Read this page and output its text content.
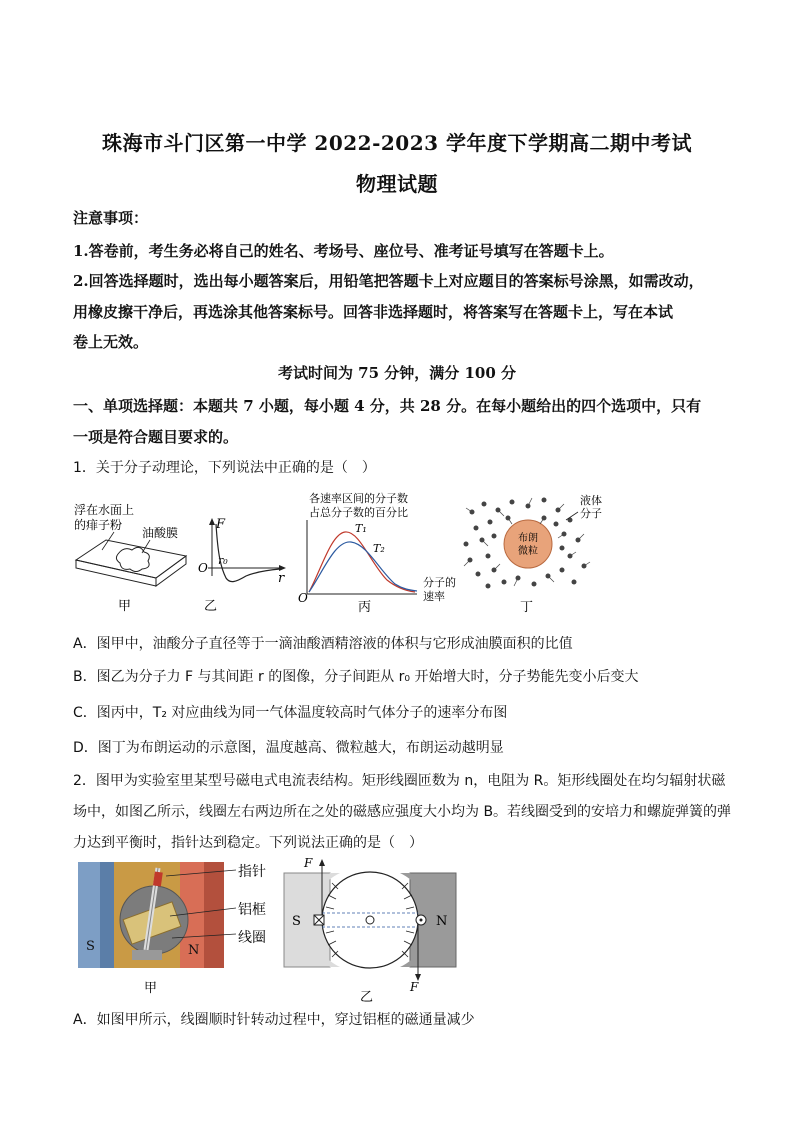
珠海市斗门区第一中学 2022-2023 学年度下学期高二期中考试
物理试题
注意事项：
1.答卷前，考生务必将自己的姓名、考场号、座位号、准考证号填写在答题卡上。
2.回答选择题时，选出每小题答案后，用铅笔把答题卡上对应题目的答案标号涂黑，如需改动，
用橡皮擦干净后，再选涂其他答案标号。回答非选择题时，将答案写在答题卡上，写在本试
卷上无效。
考试时间为 75 分钟，满分 100 分
一、单项选择题：本题共 7 小题，每小题 4 分，共 28 分。在每小题给出的四个选项中，只有
一项是符合题目要求的。
1．关于分子动理论，下列说法中正确的是（　）
浮在水面上
的痱子粉
油酸膜
甲
F
O
r₀
r
乙
各速率区间的分子数
占总分子数的百分比
T₁
T₂
O
分子的
速率
丙
布朗
微粒
液体
分子
丁
A．图甲中，油酸分子直径等于一滴油酸酒精溶液的体积与它形成油膜面积的比值
B．图乙为分子力 F 与其间距 r 的图像，分子间距从 r₀ 开始增大时，分子势能先变小后变大
C．图丙中，T₂ 对应曲线为同一气体温度较高时气体分子的速率分布图
D．图丁为布朗运动的示意图，温度越高、微粒越大，布朗运动越明显
2．图甲为实验室里某型号磁电式电流表结构。矩形线圈匝数为 n，电阻为 R。矩形线圈处在均匀辐射状磁
场中，如图乙所示，线圈左右两边所在之处的磁感应强度大小均为 B。若线圈受到的安培力和螺旋弹簧的弹
力达到平衡时，指针达到稳定。下列说法正确的是（　）
S	N
指针
铝框
线圈
甲
F
F
S	N
乙
A．如图甲所示，线圈顺时针转动过程中，穿过铝框的磁通量减少
